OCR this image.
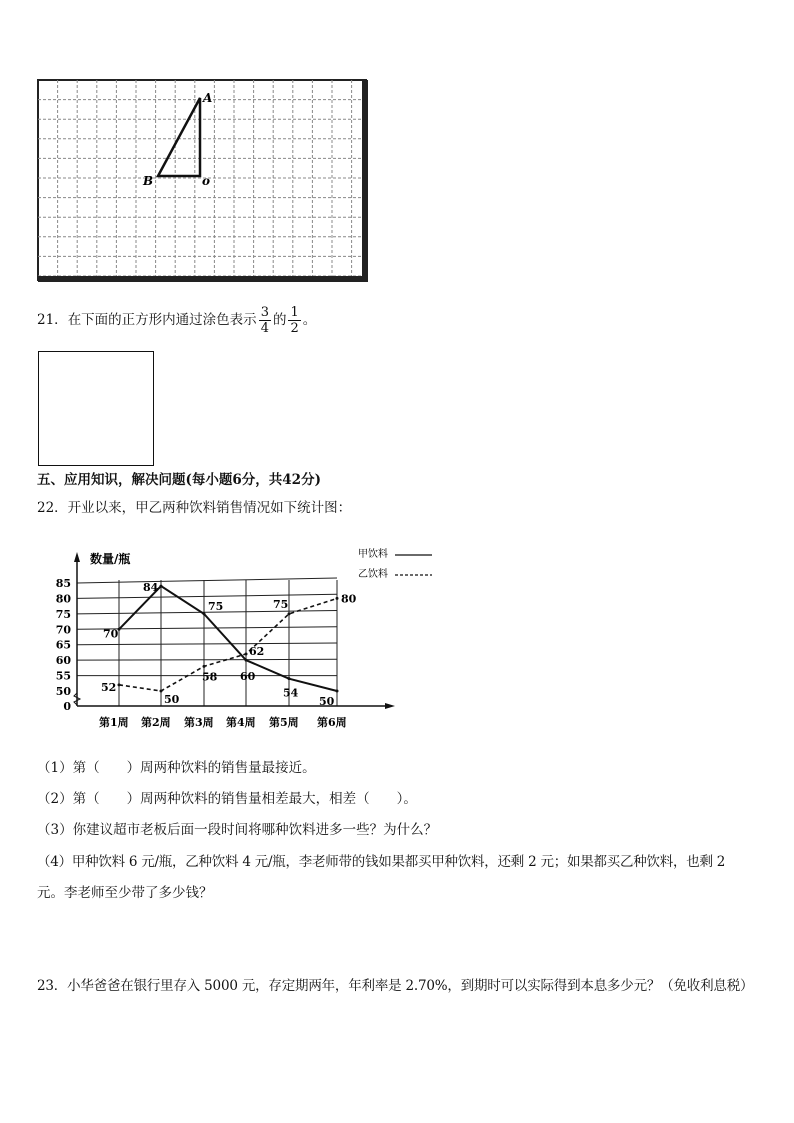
A
B	o
21． 在下面的正方形内通过涂色表示 $\frac{3}{4}$ 的 $\frac{1}{2}$ 。
五、应用知识，解决问题(每小题6分，共42分)
22．开业以来，甲乙两种饮料销售情况如下统计图：
0
50
55
60
65
70
75
80
85
第1周 第2周 第3周 第4周 第5周 第6周
70
84
75
60
54
50
52
50
58
62
75	80
数量/瓶	甲饮料
乙饮料
（1）第（　　）周两种饮料的销售量最接近。
（2）第（　　）周两种饮料的销售量相差最大，相差（　　）。
（3）你建议超市老板后面一段时间将哪种饮料进多一些？为什么？
（4）甲种饮料 6 元/瓶，乙种饮料 4 元/瓶，李老师带的钱如果都买甲种饮料，还剩 2 元；如果都买乙种饮料，也剩 2
元。李老师至少带了多少钱？
23．小华爸爸在银行里存入 5000 元，存定期两年，年利率是 2.70%，到期时可以实际得到本息多少元？（免收利息税）
